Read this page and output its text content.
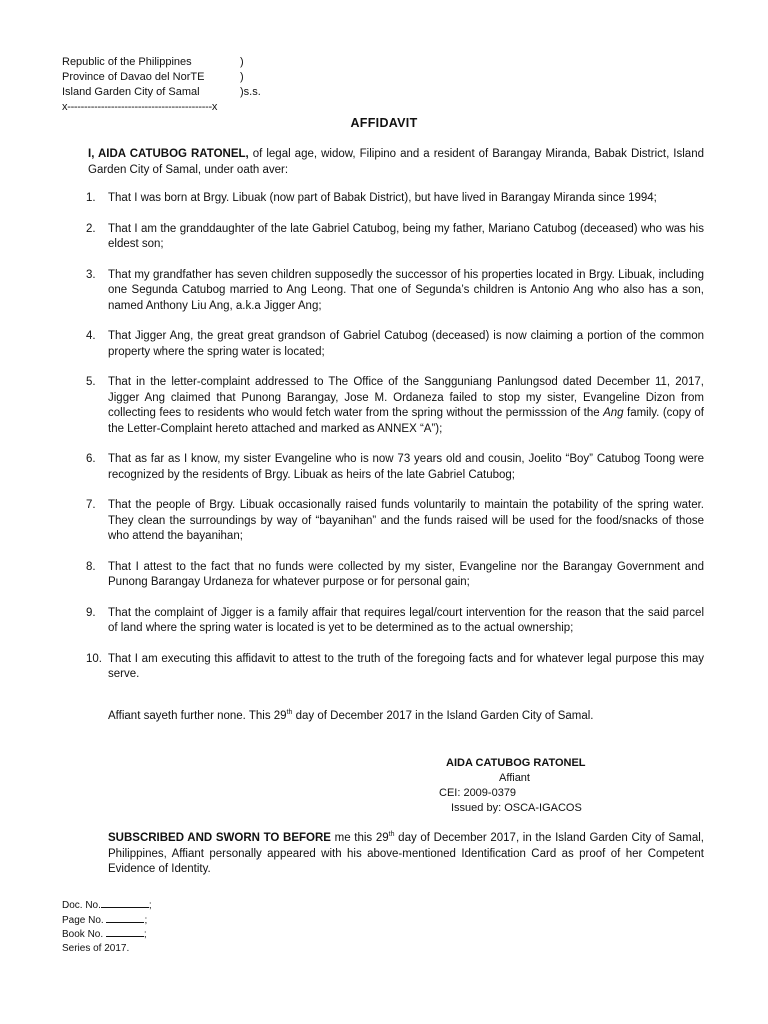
Republic of the Philippines	)
Province of Davao del NorTE	)
Island Garden City of Samal	)s.s.
x-------------------------------------------x
AFFIDAVIT
I, AIDA CATUBOG RATONEL, of legal age, widow, Filipino and a resident of Barangay Miranda, Babak District, Island Garden City of Samal, under oath aver:
1.	That I was born at Brgy. Libuak (now part of Babak District), but have lived in Barangay Miranda since 1994;
2.	That I am the granddaughter of the late Gabriel Catubog, being my father, Mariano Catubog (deceased) who was his eldest son;
3.	That my grandfather has seven children supposedly the successor of his properties located in Brgy. Libuak, including one Segunda Catubog married to Ang Leong. That one of Segunda’s children is Antonio Ang who also has a son, named Anthony Liu Ang, a.k.a Jigger Ang;
4.	That Jigger Ang, the great great grandson of Gabriel Catubog (deceased) is now claiming a portion of the common property where the spring water is located;
5.	That in the letter-complaint addressed to The Office of the Sangguniang Panlungsod dated December 11, 2017, Jigger Ang claimed that Punong Barangay, Jose M. Ordaneza failed to stop my sister, Evangeline Dizon from collecting fees to residents who would fetch water from the spring without the permisssion of the Ang family. (copy of the Letter-Complaint hereto attached and marked as ANNEX “A”);
6.	That as far as I know, my sister Evangeline who is now 73 years old and cousin, Joelito “Boy” Catubog Toong were recognized by the residents of Brgy. Libuak as heirs of the late Gabriel Catubog;
7.	That the people of Brgy. Libuak occasionally raised funds voluntarily to maintain the potability of the spring water. They clean the surroundings by way of “bayanihan” and the funds raised will be used for the food/snacks of those who attend the bayanihan;
8.	That I attest to the fact that no funds were collected by my sister, Evangeline nor the Barangay Government and Punong Barangay Urdaneza for whatever purpose or for personal gain;
9.	That the complaint of Jigger is a family affair that requires legal/court intervention for the reason that the said parcel of land where the spring water is located is yet to be determined as to the actual ownership;
10. That I am executing this affidavit to attest to the truth of the foregoing facts and for whatever legal purpose this may serve.
Affiant sayeth further none. This 29th day of December 2017 in the Island Garden City of Samal.
AIDA CATUBOG RATONEL
Affiant
CEI: 2009-0379
Issued by: OSCA-IGACOS
SUBSCRIBED AND SWORN TO BEFORE me this 29th day of December 2017, in the Island Garden City of Samal, Philippines, Affiant personally appeared with his above-mentioned Identification Card as proof of her Competent Evidence of Identity.
Doc. No.	;
Page No.	;
Book No.	;
Series of 2017.
